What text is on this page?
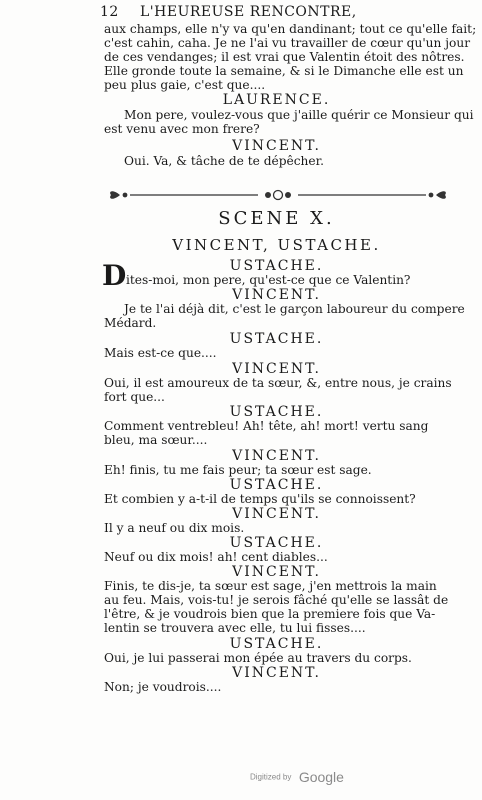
12 L'HEUREUSE RENCONTRE,
aux champs, elle n'y va qu'en dandinant; tout ce qu'elle fait;
c'est cahin, caha. Je ne l'ai vu travailler de cœur qu'un jour
de ces vendanges; il est vrai que Valentin étoit des nôtres.
Elle gronde toute la semaine, & si le Dimanche elle est un
peu plus gaie, c'est que....
LAURENCE.
Mon pere, voulez-vous que j'aille quérir ce Monsieur qui
est venu avec mon frere?
VINCENT.
Oui. Va, & tâche de te dépêcher.
SCENE X.
VINCENT, USTACHE.
D	USTACHE.
ites-moi, mon pere, qu'est-ce que ce Valentin?
VINCENT.
Je te l'ai déjà dit, c'est le garçon laboureur du compere
Médard.
USTACHE.
Mais est-ce que....
VINCENT.
Oui, il est amoureux de ta sœur, &, entre nous, je crains
fort que...
USTACHE.
Comment ventrebleu! Ah! tête, ah! mort! vertu sang
bleu, ma sœur....
VINCENT.
Eh! finis, tu me fais peur; ta sœur est sage.
USTACHE.
Et combien y a-t-il de temps qu'ils se connoissent?
VINCENT.
Il y a neuf ou dix mois.
USTACHE.
Neuf ou dix mois! ah! cent diables...
VINCENT.
Finis, te dis-je, ta sœur est sage, j'en mettrois la main
au feu. Mais, vois-tu! je serois fâché qu'elle se lassât de
l'être, & je voudrois bien que la premiere fois que Va-
lentin se trouvera avec elle, tu lui fisses....
USTACHE.
Oui, je lui passerai mon épée au travers du corps.
VINCENT.
Non; je voudrois....
Digitized by Google
